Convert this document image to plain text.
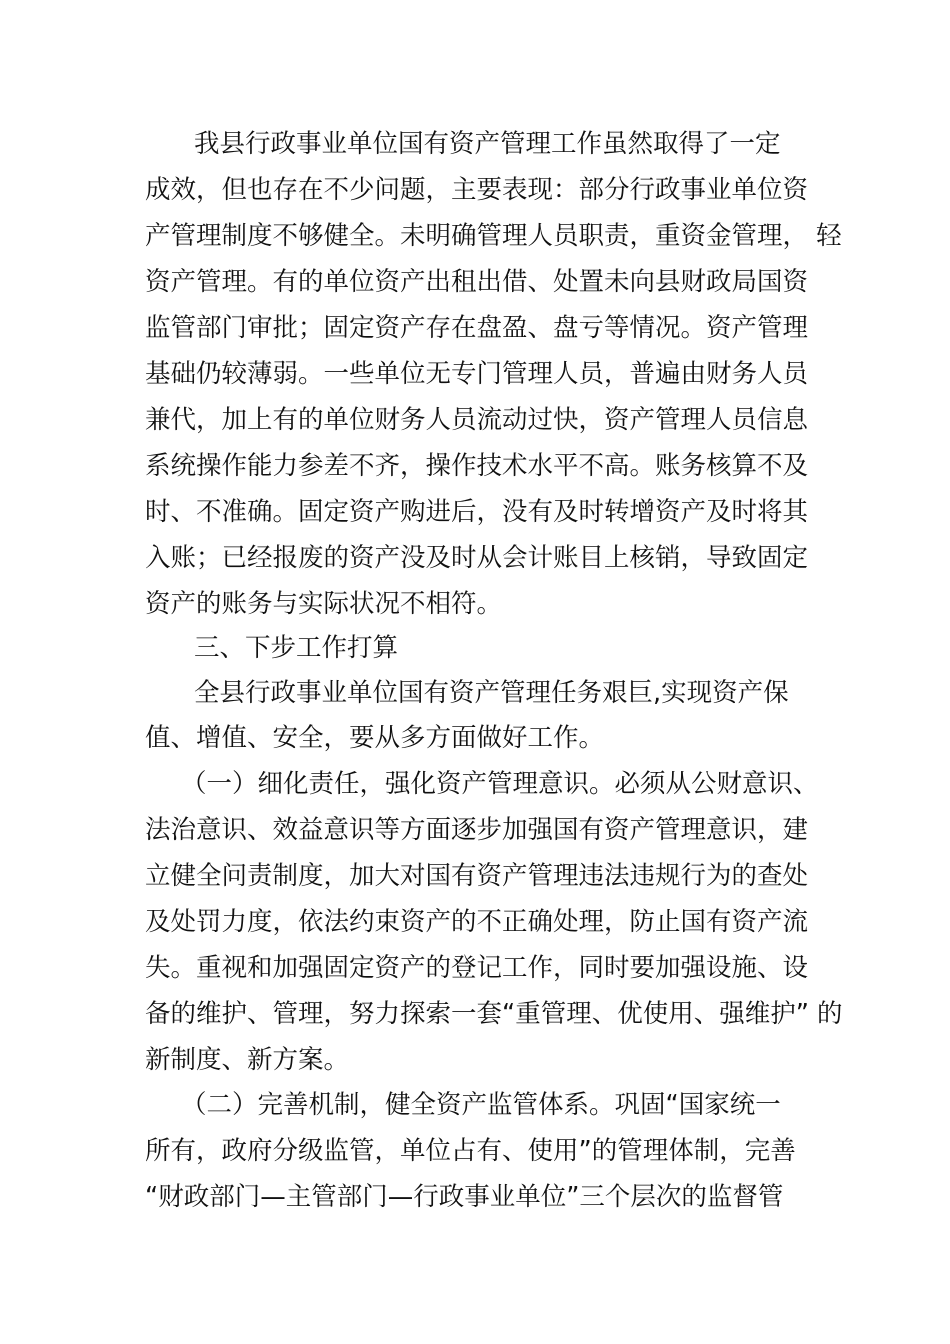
我县行政事业单位国有资产管理工作虽然取得了一定
成效，但也存在不少问题，主要表现：部分行政事业单位资
产管理制度不够健全。未明确管理人员职责，重资金管理， 轻
资产管理。有的单位资产出租出借、处置未向县财政局国资
监管部门审批；固定资产存在盘盈、盘亏等情况。资产管理
基础仍较薄弱。一些单位无专门管理人员，普遍由财务人员
兼代，加上有的单位财务人员流动过快，资产管理人员信息
系统操作能力参差不齐，操作技术水平不高。账务核算不及
时、不准确。固定资产购进后，没有及时转增资产及时将其
入账；已经报废的资产没及时从会计账目上核销，导致固定
资产的账务与实际状况不相符。
三、下步工作打算
全县行政事业单位国有资产管理任务艰巨,实现资产保
值、增值、安全，要从多方面做好工作。
（一）细化责任，强化资产管理意识。必须从公财意识、
法治意识、效益意识等方面逐步加强国有资产管理意识，建
立健全问责制度，加大对国有资产管理违法违规行为的查处
及处罚力度，依法约束资产的不正确处理，防止国有资产流
失。重视和加强固定资产的登记工作，同时要加强设施、设
备的维护、管理，努力探索一套“重管理、优使用、强维护” 的
新制度、新方案。
（二）完善机制，健全资产监管体系。巩固“国家统一
所有，政府分级监管，单位占有、使用”的管理体制，完善
“财政部门—主管部门—行政事业单位”三个层次的监督管
